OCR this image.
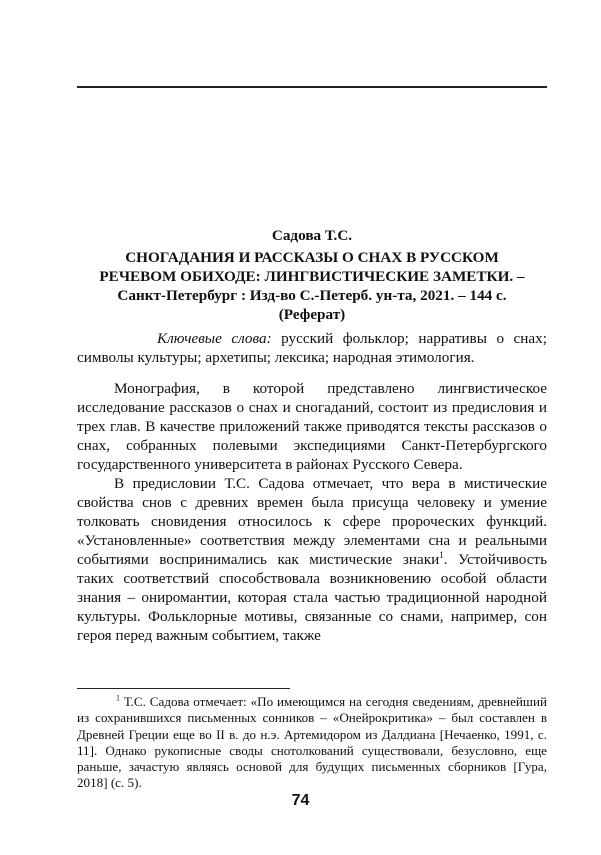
Садова Т.С.

СНОГАДАНИЯ И РАССКАЗЫ О СНАХ В РУССКОМ
РЕЧЕВОМ ОБИХОДЕ: ЛИНГВИСТИЧЕСКИЕ ЗАМЕТКИ. –
Санкт-Петербург : Изд-во С.-Петерб. ун-та, 2021. – 144 с.
(Реферат)

Ключевые слова: русский фольклор; нарративы о снах; символы культуры; архетипы; лексика; народная этимология.

Монография, в которой представлено лингвистическое исследование рассказов о снах и сногаданий, состоит из предисловия и трех глав. В качестве приложений также приводятся тексты рассказов о снах, собранных полевыми экспедициями Санкт-Петербургского государственного университета в районах Русского Севера.

В предисловии Т.С. Садова отмечает, что вера в мистические свойства снов с древних времен была присуща человеку и умение толковать сновидения относилось к сфере пророческих функций. «Установленные» соответствия между элементами сна и реальными событиями воспринимались как мистические знаки$^1$. Устойчивость таких соответствий способствовала возникновению особой области знания – ониромантии, которая стала частью традиционной народной культуры. Фольклорные мотивы, связанные со снами, например, сон героя перед важным событием, также

$^1$ Т.С. Садова отмечает: «По имеющимся на сегодня сведениям, древнейший из сохранившихся письменных сонников – «Онейрокритика» – был составлен в Древней Греции еще во II в. до н.э. Артемидором из Далдиана [Нечаенко, 1991, с. 11]. Однако рукописные своды снотолкований существовали, безусловно, еще раньше, зачастую являясь основой для будущих письменных сборников [Гура, 2018] (с. 5).

74
